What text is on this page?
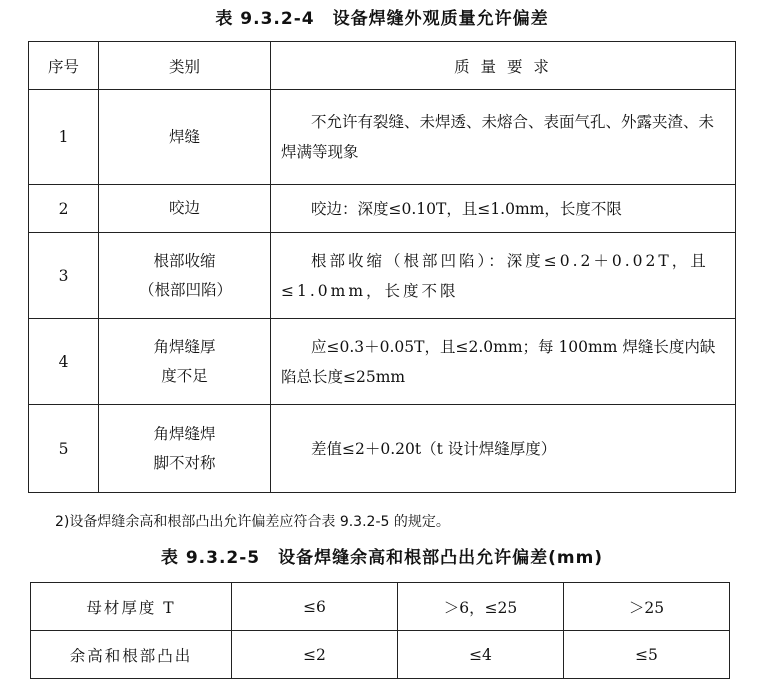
表 9.3.2-4　设备焊缝外观质量允许偏差
序号	类别	质 量 要 求
1	焊缝	不允许有裂缝、未焊透、未熔合、表面气孔、外露夹渣、未焊满等现象
2	咬边	咬边：深度≤0.10T，且≤1.0mm，长度不限
3	根部收缩（根部凹陷）	根部收缩（根部凹陷）：深度≤0.2＋0.02T，且≤1.0mm，长度不限
4	角焊缝厚度不足	应≤0.3＋0.05T，且≤2.0mm；每 100mm 焊缝长度内缺陷总长度≤25mm
5	角焊缝焊脚不对称	差值≤2＋0.20t（t 设计焊缝厚度）
2)设备焊缝余高和根部凸出允许偏差应符合表 9.3.2-5 的规定。
表 9.3.2-5　设备焊缝余高和根部凸出允许偏差(mm)
母材厚度 T	≤6	＞6，≤25	＞25
余高和根部凸出	≤2	≤4	≤5
